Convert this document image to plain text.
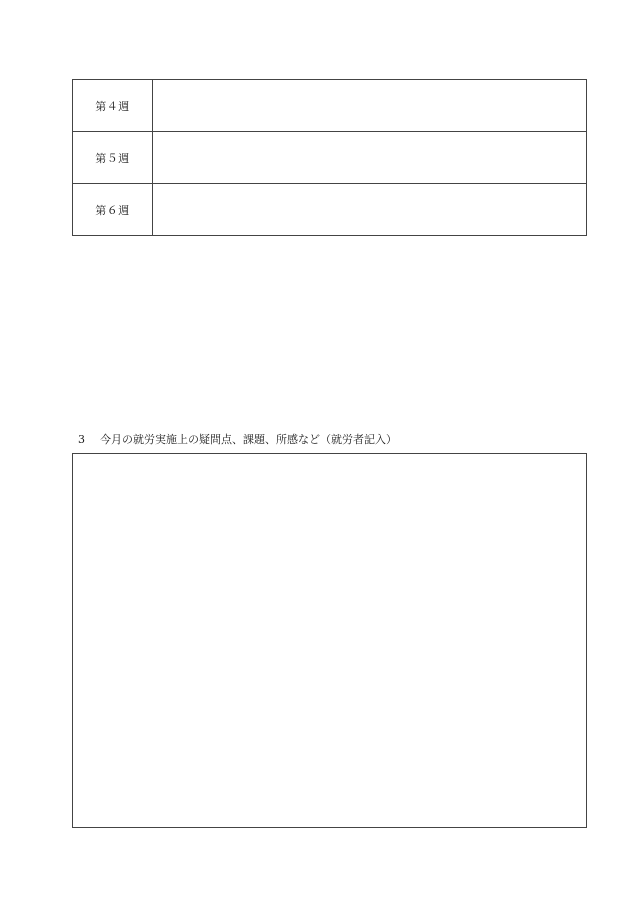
第４週	
第５週	
第６週	
3 今月の就労実施上の疑問点、課題、所感など（就労者記入）
